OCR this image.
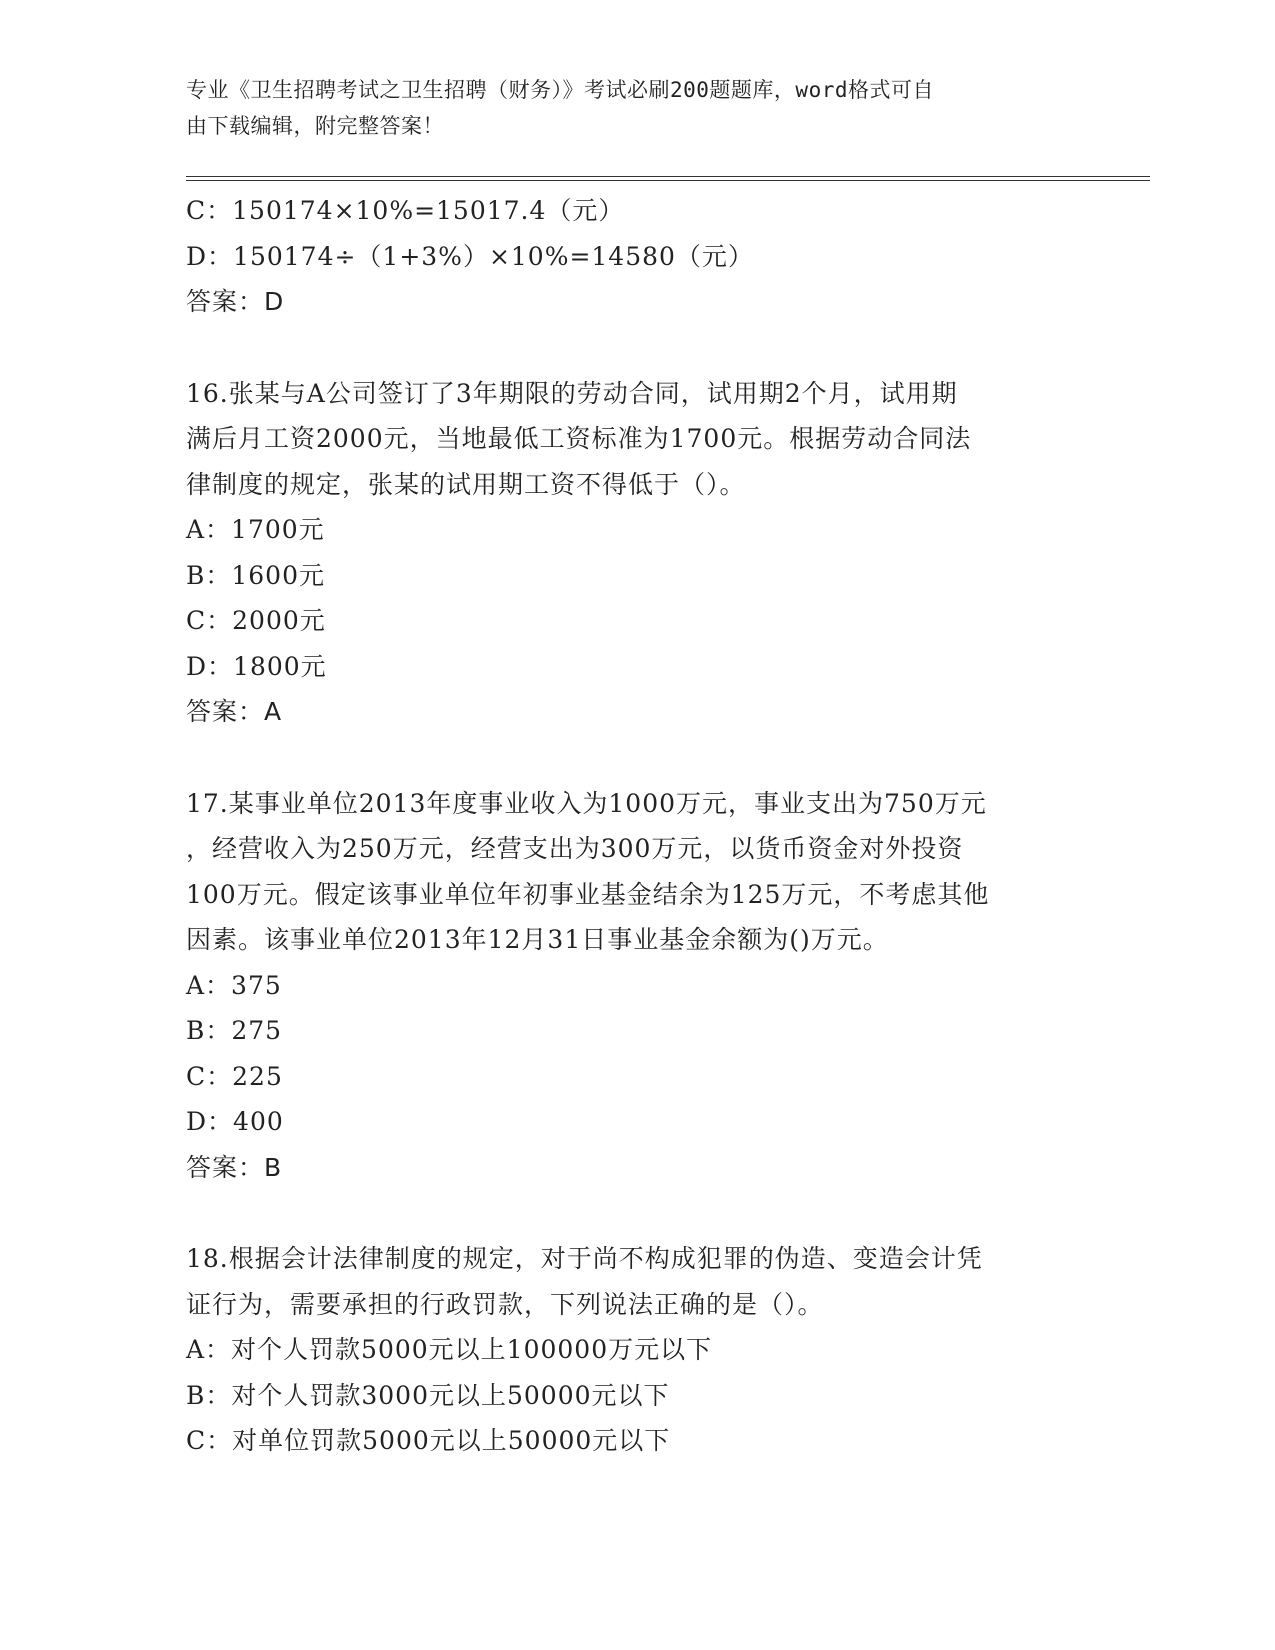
专业《卫生招聘考试之卫生招聘（财务）》考试必刷200题题库，word格式可自
由下载编辑，附完整答案！
C：150174×10%=15017.4（元）
D：150174÷（1+3%）×10%=14580（元）
答案：D
16.张某与A公司签订了3年期限的劳动合同，试用期2个月，试用期
满后月工资2000元，当地最低工资标准为1700元。根据劳动合同法
律制度的规定，张某的试用期工资不得低于（）。
A：1700元
B：1600元
C：2000元
D：1800元
答案：A
17.某事业单位2013年度事业收入为1000万元，事业支出为750万元
，经营收入为250万元，经营支出为300万元，以货币资金对外投资
100万元。假定该事业单位年初事业基金结余为125万元，不考虑其他
因素。该事业单位2013年12月31日事业基金余额为()万元。
A：375
B：275
C：225
D：400
答案：B
18.根据会计法律制度的规定，对于尚不构成犯罪的伪造、变造会计凭
证行为，需要承担的行政罚款，下列说法正确的是（）。
A：对个人罚款5000元以上100000万元以下
B：对个人罚款3000元以上50000元以下
C：对单位罚款5000元以上50000元以下
